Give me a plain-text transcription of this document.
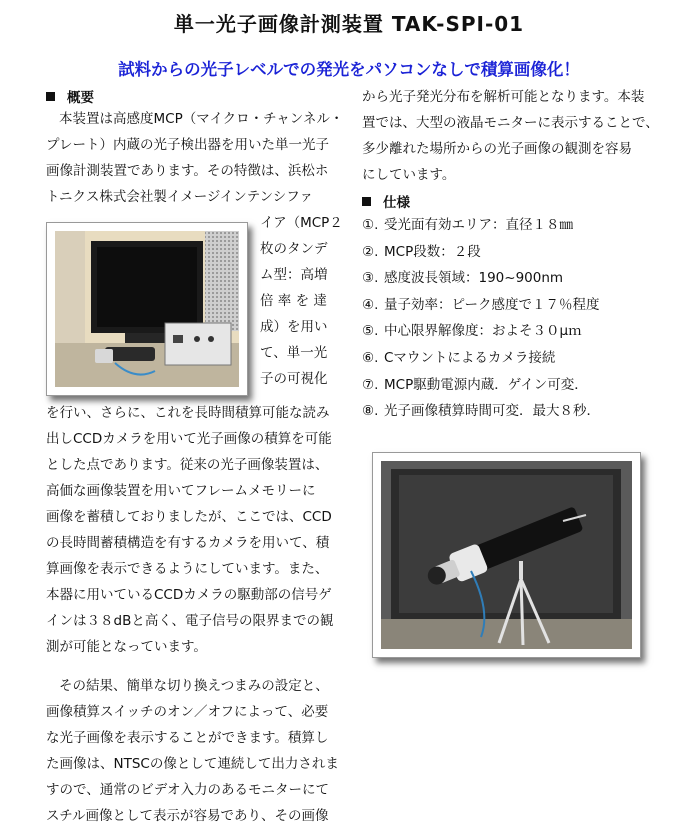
単一光子画像計測装置 TAK-SPI-01
試料からの光子レベルでの発光をパソコンなしで積算画像化！
概要
本装置は高感度MCP（マイクロ・チャンネル・
プレート）内蔵の光子検出器を用いた単一光子
画像計測装置であります。その特徴は、浜松ホ
トニクス株式会社製イメージインテンシファ
イア（MCP２
枚のタンデ
ム型：高増
倍 率 を 達
成）を用い
て、単一光
子の可視化
を行い、さらに、これを長時間積算可能な読み
出しCCDカメラを用いて光子画像の積算を可能
とした点であります。従来の光子画像装置は、
高価な画像装置を用いてフレームメモリーに
画像を蓄積しておりましたが、ここでは、CCD
の長時間蓄積構造を有するカメラを用いて、積
算画像を表示できるようにしています。また、
本器に用いているCCDカメラの駆動部の信号ゲ
インは３８dBと高く、電子信号の限界までの観
測が可能となっています。
その結果、簡単な切り換えつまみの設定と、
画像積算スイッチのオン／オフによって、必要
な光子画像を表示することができます。積算し
た画像は、NTSCの像として連続して出力されま
すので、通常のビデオ入力のあるモニターにて
スチル画像として表示が容易であり、その画像
から光子発光分布を解析可能となります。本装
置では、大型の液晶モニターに表示することで、
多少離れた場所からの光子画像の観測を容易
にしています。
仕様
①. 受光面有効エリア：直径１８㎜
②. MCP段数：２段
③. 感度波長領域：190~900nm
④. 量子効率：ピーク感度で１７％程度
⑤. 中心限界解像度：およそ３０μｍ
⑥. Cマウントによるカメラ接続
⑦. MCP駆動電源内蔵．ゲイン可変．
⑧. 光子画像積算時間可変．最大８秒．
